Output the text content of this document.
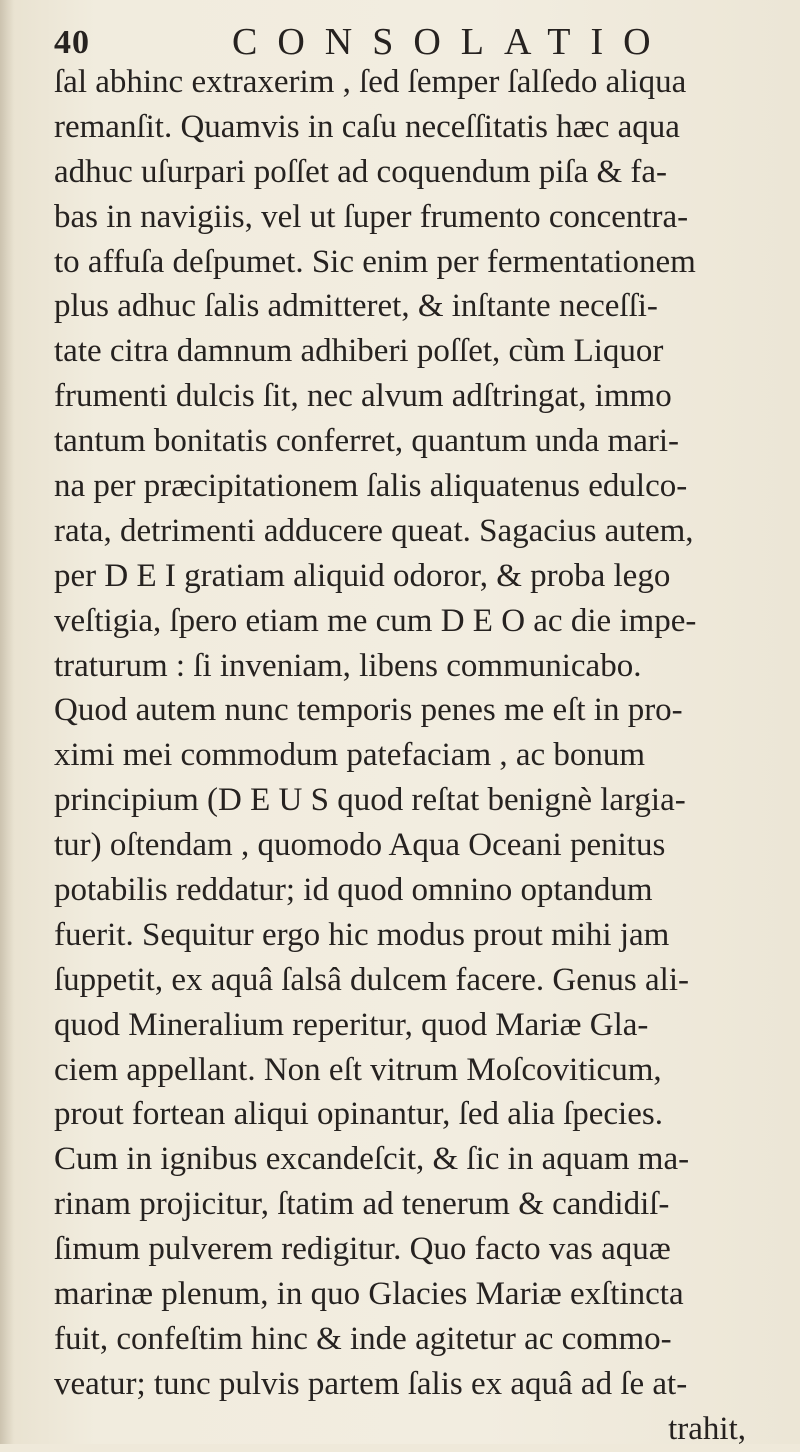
40	CONSOLATIO
ſal abhinc extraxerim , ſed ſemper ſalſedo aliqua
remanſit. Quamvis in caſu neceſſitatis hæc aqua
adhuc uſurpari poſſet ad coquendum piſa & fa-
bas in navigiis, vel ut ſuper frumento concentra-
to affuſa deſpumet. Sic enim per fermentationem
plus adhuc ſalis admitteret, & inſtante neceſſi-
tate citra damnum adhiberi poſſet, cùm Liquor
frumenti dulcis ſit, nec alvum adſtringat, immo
tantum bonitatis conferret, quantum unda mari-
na per præcipitationem ſalis aliquatenus edulco-
rata, detrimenti adducere queat. Sagacius autem,
per D E I gratiam aliquid odoror, & proba lego
veſtigia, ſpero etiam me cum D E O ac die impe-
traturum : ſi inveniam, libens communicabo.
Quod autem nunc temporis penes me eſt in pro-
ximi mei commodum patefaciam , ac bonum
principium (D E U S quod reſtat benignè largia-
tur) oſtendam , quomodo Aqua Oceani penitus
potabilis reddatur; id quod omnino optandum
fuerit. Sequitur ergo hic modus prout mihi jam
ſuppetit, ex aquâ ſalsâ dulcem facere. Genus ali-
quod Mineralium reperitur, quod Mariæ Gla-
ciem appellant. Non eſt vitrum Moſcoviticum,
prout fortean aliqui opinantur, ſed alia ſpecies.
Cum in ignibus excandeſcit, & ſic in aquam ma-
rinam projicitur, ſtatim ad tenerum & candidiſ-
ſimum pulverem redigitur. Quo facto vas aquæ
marinæ plenum, in quo Glacies Mariæ exſtincta
fuit, confeſtim hinc & inde agitetur ac commo-
veatur; tunc pulvis partem ſalis ex aquâ ad ſe at-
trahit,
